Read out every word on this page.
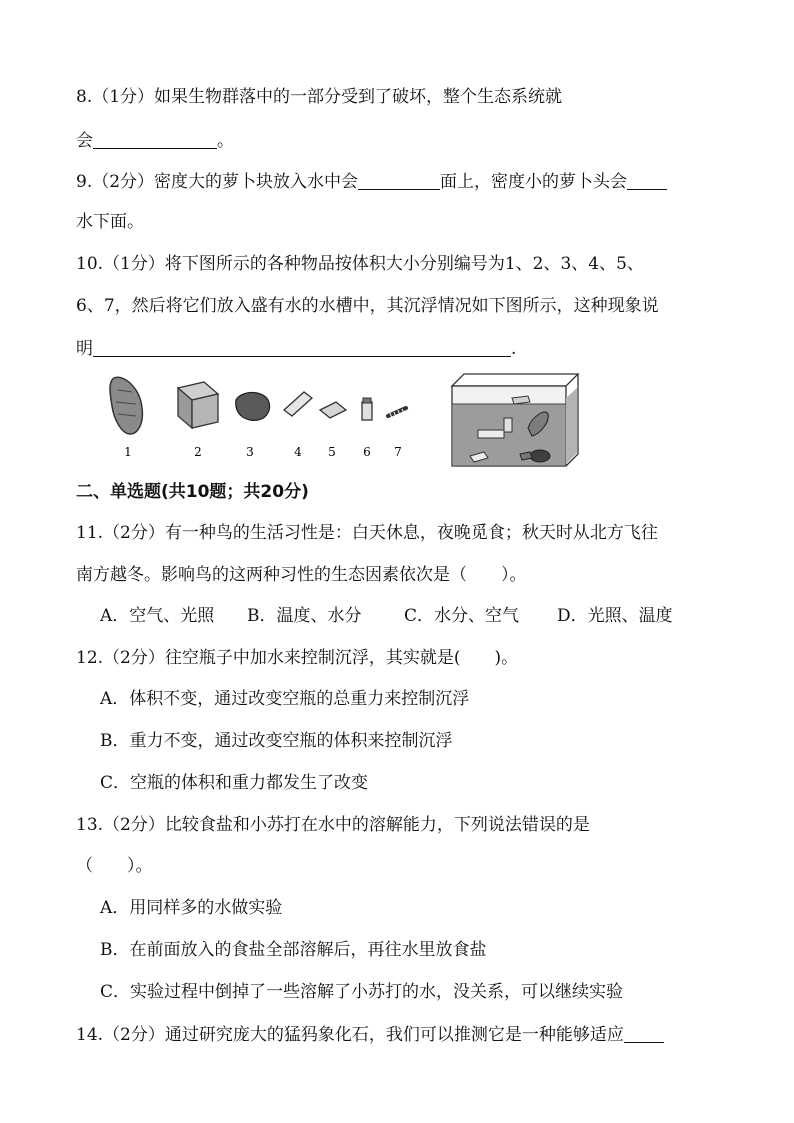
8.（1分）如果生物群落中的一部分受到了破坏，整个生态系统就
会	。
9.（2分）密度大的萝卜块放入水中会	面上，密度小的萝卜头会
水下面。
10.（1分）将下图所示的各种物品按体积大小分别编号为1、2、3、4、5、
6、7，然后将它们放入盛有水的水槽中，其沉浮情况如下图所示，这种现象说
明	.
1	2	3	4 5 6 7
二、单选题(共10题；共20分)
11.（2分）有一种鸟的生活习性是：白天休息，夜晚觅食；秋天时从北方飞往
南方越冬。影响鸟的这两种习性的生态因素依次是（　　）。
A．空气、光照 B．温度、水分	C．水分、空气 D．光照、温度
12.（2分）往空瓶子中加水来控制沉浮，其实就是(　　)。
A．体积不变，通过改变空瓶的总重力来控制沉浮
B．重力不变，通过改变空瓶的体积来控制沉浮
C．空瓶的体积和重力都发生了改变
13.（2分）比较食盐和小苏打在水中的溶解能力，下列说法错误的是
（　　）。
A．用同样多的水做实验
B．在前面放入的食盐全部溶解后，再往水里放食盐
C．实验过程中倒掉了一些溶解了小苏打的水，没关系，可以继续实验
14.（2分）通过研究庞大的猛犸象化石，我们可以推测它是一种能够适应
